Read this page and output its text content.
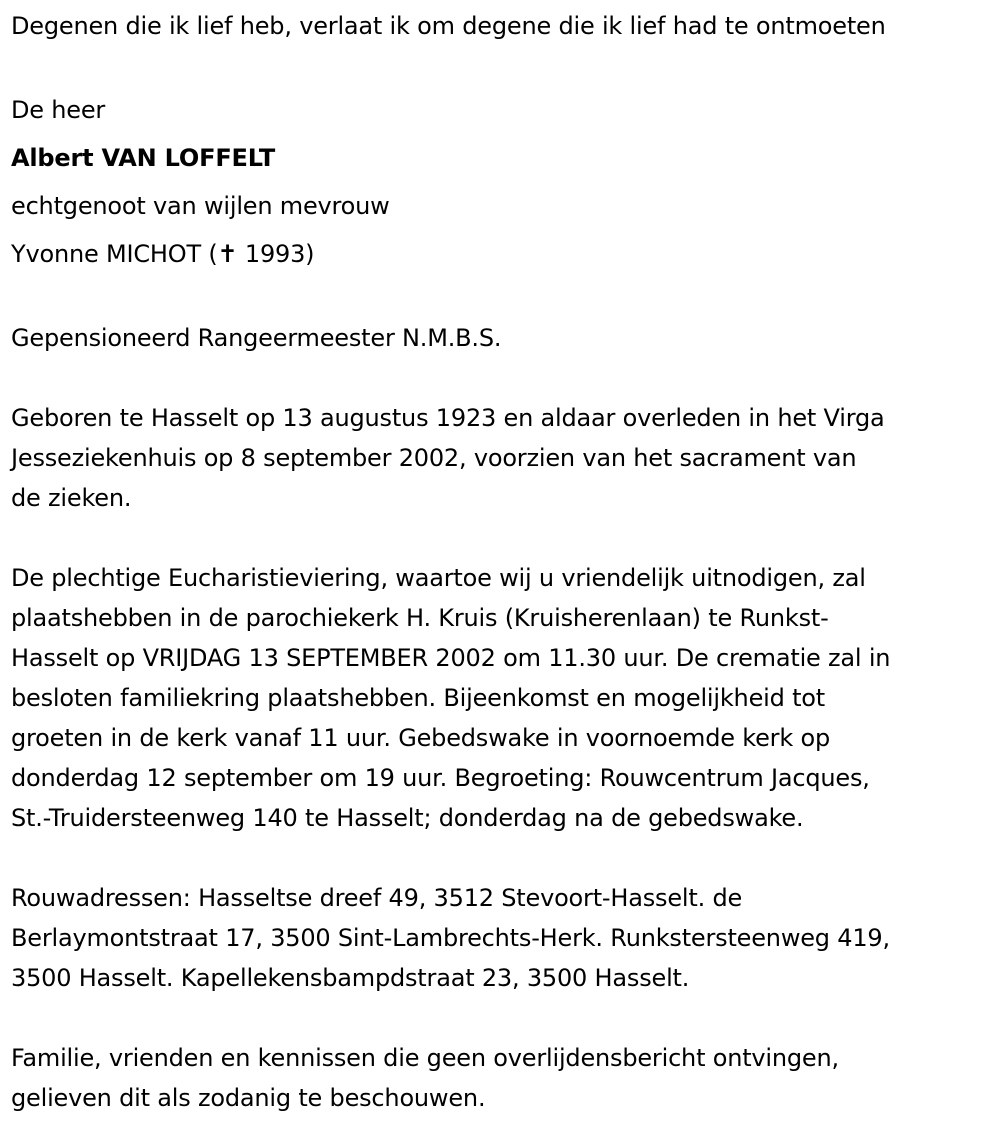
Degenen die ik lief heb, verlaat ik om degene die ik lief had te ontmoeten
De heer
Albert VAN LOFFELT
echtgenoot van wijlen mevrouw
Yvonne MICHOT (✝ 1993)
Gepensioneerd Rangeermeester N.M.B.S.
Geboren te Hasselt op 13 augustus 1923 en aldaar overleden in het Virga
Jesseziekenhuis op 8 september 2002, voorzien van het sacrament van
de zieken.
De plechtige Eucharistieviering, waartoe wij u vriendelijk uitnodigen, zal
plaatshebben in de parochiekerk H. Kruis (Kruisherenlaan) te Runkst-
Hasselt op VRIJDAG 13 SEPTEMBER 2002 om 11.30 uur. De crematie zal in
besloten familiekring plaatshebben. Bijeenkomst en mogelijkheid tot
groeten in de kerk vanaf 11 uur. Gebedswake in voornoemde kerk op
donderdag 12 september om 19 uur. Begroeting: Rouwcentrum Jacques,
St.-Truidersteenweg 140 te Hasselt; donderdag na de gebedswake.
Rouwadressen: Hasseltse dreef 49, 3512 Stevoort-Hasselt. de
Berlaymontstraat 17, 3500 Sint-Lambrechts-Herk. Runkstersteenweg 419,
3500 Hasselt. Kapellekensbampdstraat 23, 3500 Hasselt.
Familie, vrienden en kennissen die geen overlijdensbericht ontvingen,
gelieven dit als zodanig te beschouwen.
